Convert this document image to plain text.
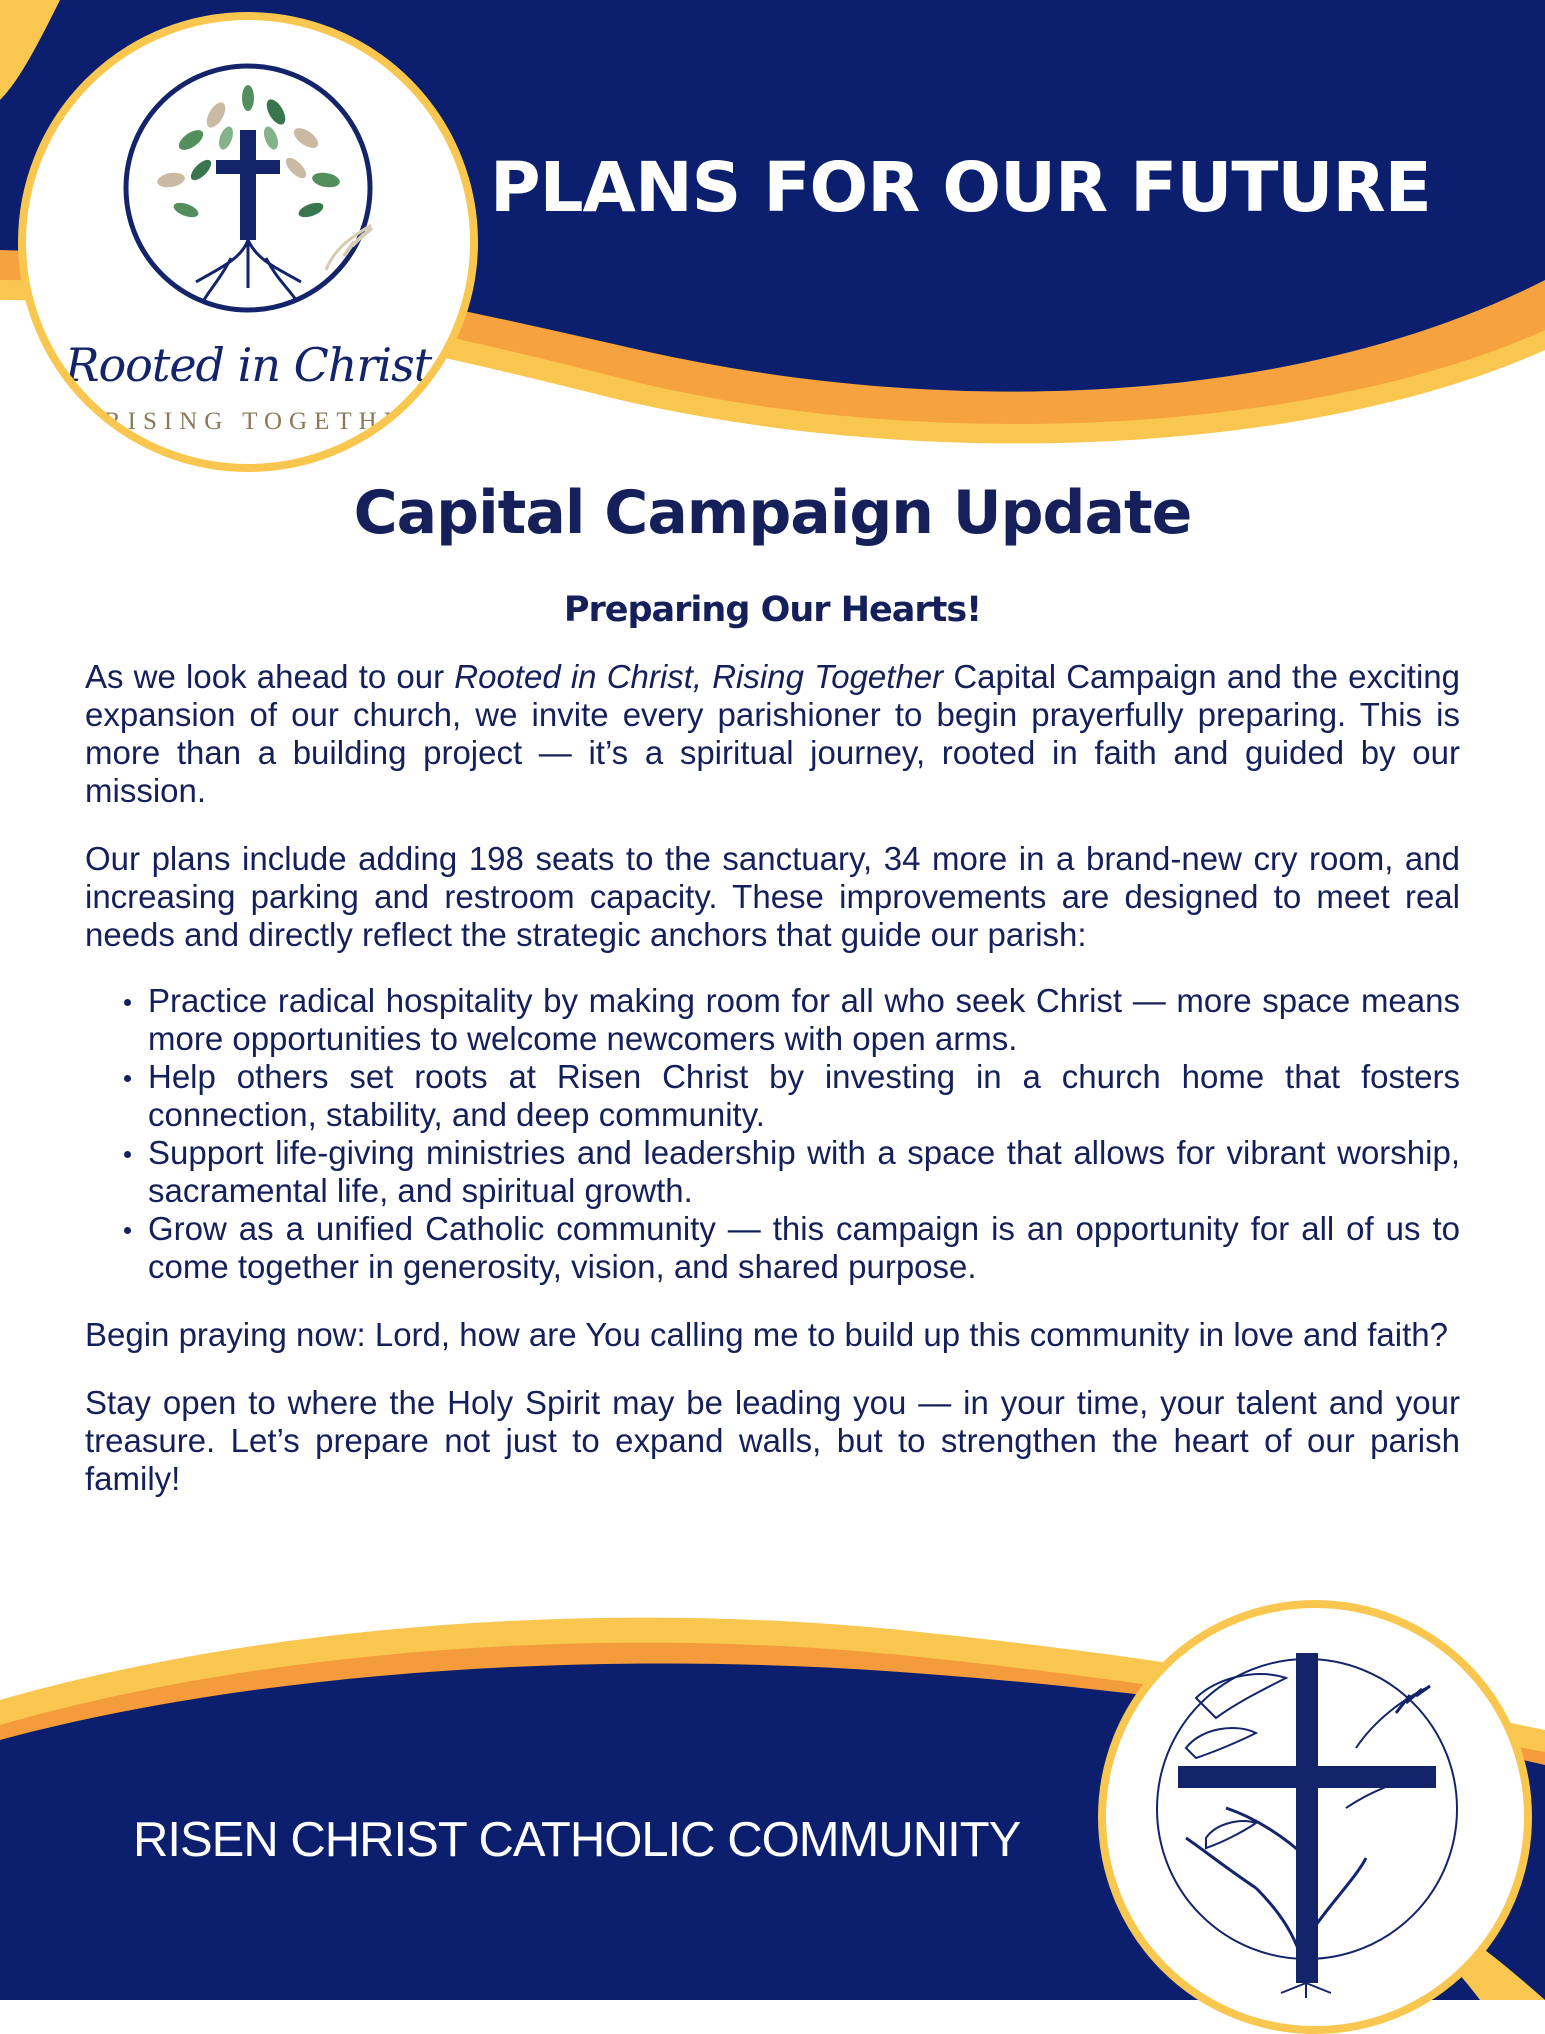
PLANS FOR OUR FUTURE
Rooted in Christ
RISING TOGETHER
Capital Campaign Update
Preparing Our Hearts!

As we look ahead to our Rooted in Christ, Rising Together Capital Campaign and the exciting expansion of our church, we invite every parishioner to begin prayerfully preparing. This is more than a building project — it’s a spiritual journey, rooted in faith and guided by our mission.

Our plans include adding 198 seats to the sanctuary, 34 more in a brand-new cry room, and increasing parking and restroom capacity. These improvements are designed to meet real needs and directly reflect the strategic anchors that guide our parish:

Practice radical hospitality by making room for all who seek Christ — more space means more opportunities to welcome newcomers with open arms.
Help others set roots at Risen Christ by investing in a church home that fosters connection, stability, and deep community.
Support life-giving ministries and leadership with a space that allows for vibrant worship, sacramental life, and spiritual growth.
Grow as a unified Catholic community — this campaign is an opportunity for all of us to come together in generosity, vision, and shared purpose.

Begin praying now: Lord, how are You calling me to build up this community in love and faith?

Stay open to where the Holy Spirit may be leading you — in your time, your talent and your treasure. Let’s prepare not just to expand walls, but to strengthen the heart of our parish family!

RISEN CHRIST CATHOLIC COMMUNITY
